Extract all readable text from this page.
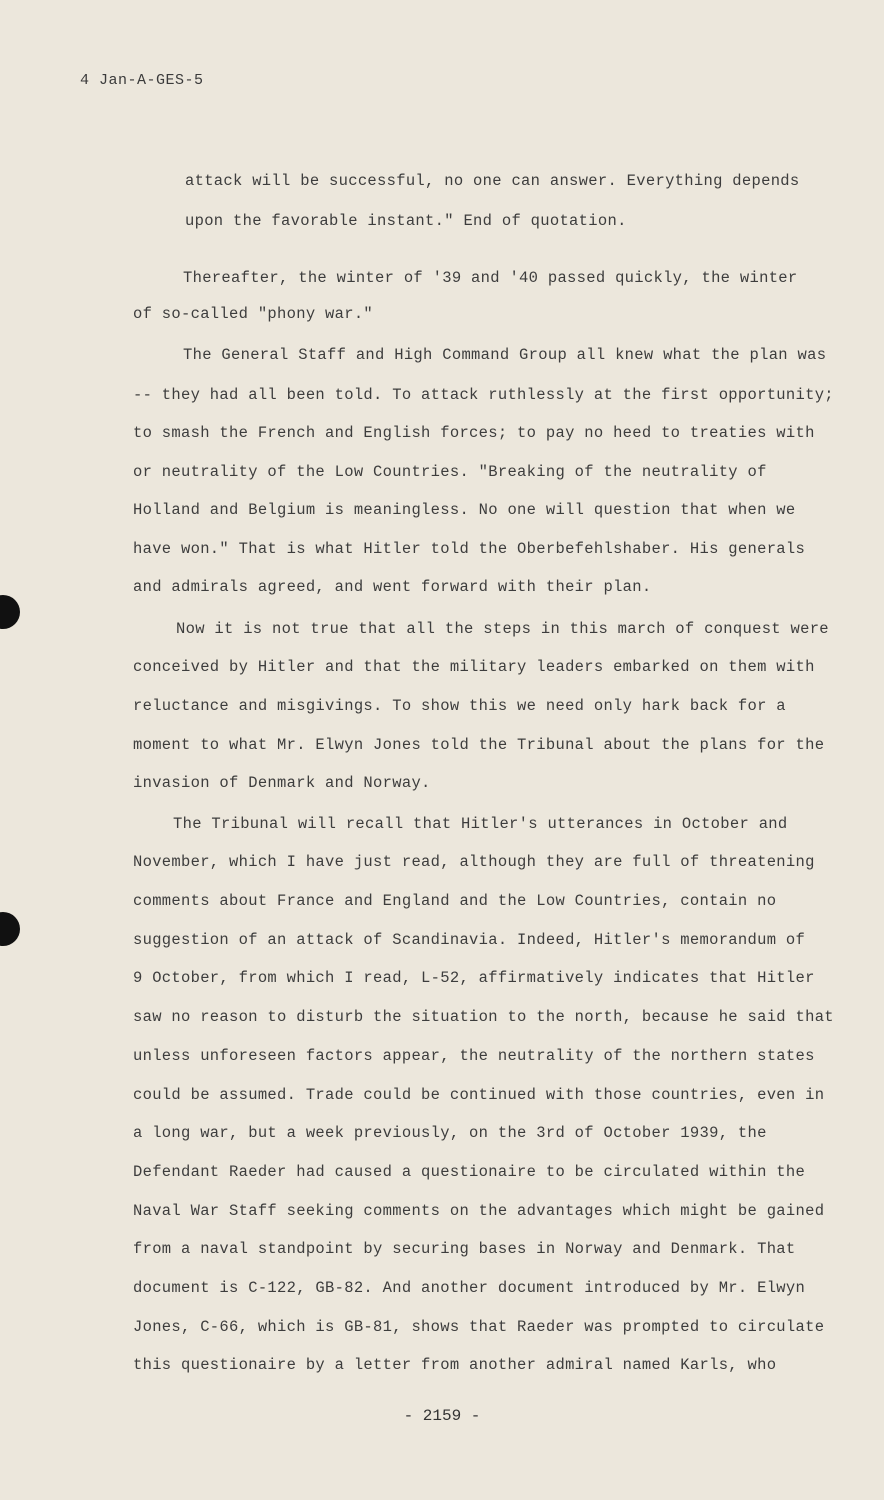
4 Jan-A-GES-5
attack will be successful, no one can answer. Everything depends
upon the favorable instant." End of quotation.
Thereafter, the winter of '39 and '40 passed quickly, the winter
of so-called "phony war."
The General Staff and High Command Group all knew what the plan was
-- they had all been told. To attack ruthlessly at the first opportunity;
to smash the French and English forces; to pay no heed to treaties with
or neutrality of the Low Countries. "Breaking of the neutrality of
Holland and Belgium is meaningless. No one will question that when we
have won." That is what Hitler told the Oberbefehlshaber. His generals
and admirals agreed, and went forward with their plan.
Now it is not true that all the steps in this march of conquest were
conceived by Hitler and that the military leaders embarked on them with
reluctance and misgivings. To show this we need only hark back for a
moment to what Mr. Elwyn Jones told the Tribunal about the plans for the
invasion of Denmark and Norway.
The Tribunal will recall that Hitler's utterances in October and
November, which I have just read, although they are full of threatening
comments about France and England and the Low Countries, contain no
suggestion of an attack of Scandinavia. Indeed, Hitler's memorandum of
9 October, from which I read, L-52, affirmatively indicates that Hitler
saw no reason to disturb the situation to the north, because he said that
unless unforeseen factors appear, the neutrality of the northern states
could be assumed. Trade could be continued with those countries, even in
a long war, but a week previously, on the 3rd of October 1939, the
Defendant Raeder had caused a questionaire to be circulated within the
Naval War Staff seeking comments on the advantages which might be gained
from a naval standpoint by securing bases in Norway and Denmark. That
document is C-122, GB-82. And another document introduced by Mr. Elwyn
Jones, C-66, which is GB-81, shows that Raeder was prompted to circulate
this questionaire by a letter from another admiral named Karls, who
- 2159 -
